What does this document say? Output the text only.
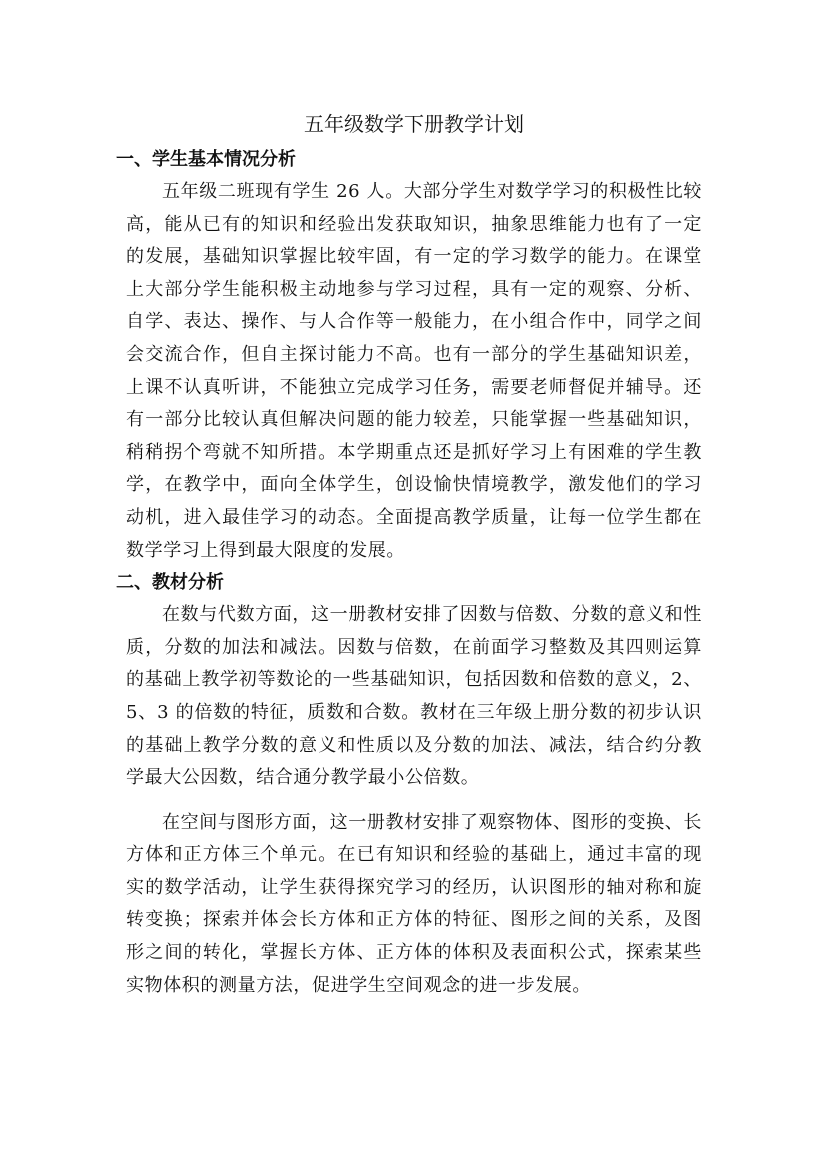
五年级数学下册教学计划
一、学生基本情况分析

五年级二班现有学生 26 人。大部分学生对数学学习的积极性比较高，能从已有的知识和经验出发获取知识，抽象思维能力也有了一定的发展，基础知识掌握比较牢固，有一定的学习数学的能力。在课堂上大部分学生能积极主动地参与学习过程，具有一定的观察、分析、自学、表达、操作、与人合作等一般能力，在小组合作中，同学之间会交流合作，但自主探讨能力不高。也有一部分的学生基础知识差，上课不认真听讲，不能独立完成学习任务，需要老师督促并辅导。还有一部分比较认真但解决问题的能力较差，只能掌握一些基础知识，稍稍拐个弯就不知所措。本学期重点还是抓好学习上有困难的学生教学，在教学中，面向全体学生，创设愉快情境教学，激发他们的学习动机，进入最佳学习的动态。全面提高教学质量，让每一位学生都在数学学习上得到最大限度的发展。

二、教材分析

在数与代数方面，这一册教材安排了因数与倍数、分数的意义和性质，分数的加法和减法。因数与倍数，在前面学习整数及其四则运算的基础上教学初等数论的一些基础知识，包括因数和倍数的意义，2、5、3 的倍数的特征，质数和合数。教材在三年级上册分数的初步认识的基础上教学分数的意义和性质以及分数的加法、减法，结合约分教学最大公因数，结合通分教学最小公倍数。

在空间与图形方面，这一册教材安排了观察物体、图形的变换、长方体和正方体三个单元。在已有知识和经验的基础上，通过丰富的现实的数学活动，让学生获得探究学习的经历，认识图形的轴对称和旋转变换；探索并体会长方体和正方体的特征、图形之间的关系，及图形之间的转化，掌握长方体、正方体的体积及表面积公式，探索某些实物体积的测量方法，促进学生空间观念的进一步发展。
